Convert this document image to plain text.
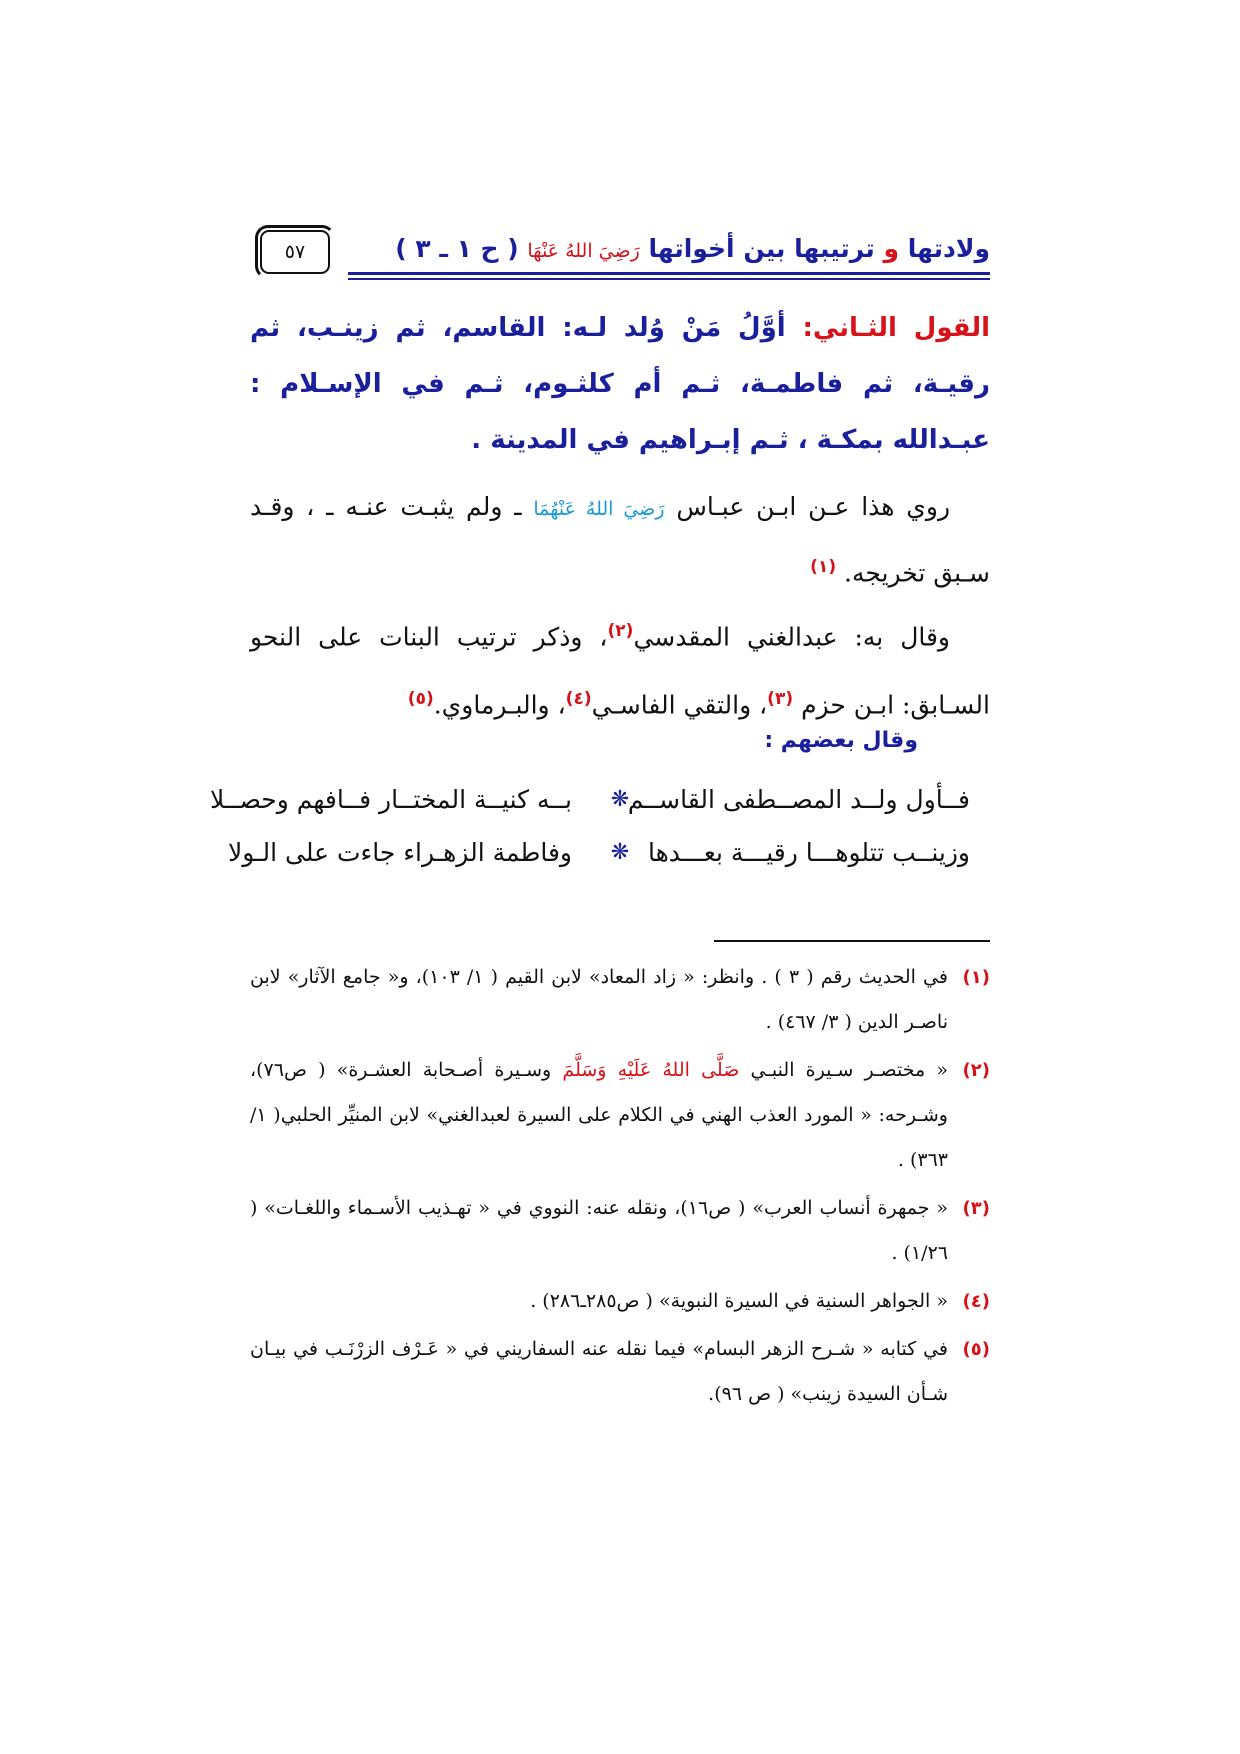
ولادتها و ترتيبها بين أخواتها رَضِيَ اللهُ عَنْهَا ( ح ١ ـ ٣ )
٥٧
القول الثـاني: أوَّلُ مَنْ وُلد لـه: القاسم، ثم زينـب، ثم رقيـة، ثم فاطمـة، ثـم أم كلثـوم، ثـم في الإسـلام : عبـدالله بمكـة ، ثـم إبـراهيم في المدينة .
روي هذا عـن ابـن عبـاس رَضِيَ اللهُ عَنْهُمَا ـ ولم يثبـت عنـه ـ ، وقـد سـبق تخريجه. $^{(١)}$
وقال به: عبدالغني المقدسي$^{(٢)}$، وذكر ترتيب البنات على النحو السـابق: ابـن حزم $^{(٣)}$، والتقي الفاسـي$^{(٤)}$، والبـرماوي.$^{(٥)}$
وقال بعضهم :
فــأول ولــد المصــطفى القاســم
❋
بــه كنيــة المختــار فــافهم وحصــلا
وزينــب تتلوهـــا رقيـــة بعـــدها
❋
وفاطمة الزهـراء جاءت على الـولا
(١)
في الحديث رقم ( ٣ ) . وانظر: « زاد المعاد» لابن القيم ( ١/ ١٠٣)، و« جامع الآثار» لابن ناصـر الدين ( ٣/ ٤٦٧) .
(٢)
« مختصـر سـيرة النبـي صَلَّى اللهُ عَلَيْهِ وَسَلَّمَ وسـيرة أصـحابة العشـرة» ( ص٧٦)، وشـرحه: « المورد العذب الهني في الكلام على السيرة لعبدالغني» لابن المنيِّر الحلبي( ١/ ٣٦٣) .
(٣)
« جمهرة أنساب العرب» ( ص١٦)، ونقله عنه: النووي في « تهـذيب الأسـماء واللغـات» ( ١/٢٦) .
(٤)
« الجواهر السنية في السيرة النبوية» ( ص٢٨٥ـ٢٨٦) .
(٥)
في كتابه « شـرح الزهر البسام» فيما نقله عنه السفاريني في « عَـرْف الزرْنَـب في بيـان شـأن السيدة زينب» ( ص ٩٦).
